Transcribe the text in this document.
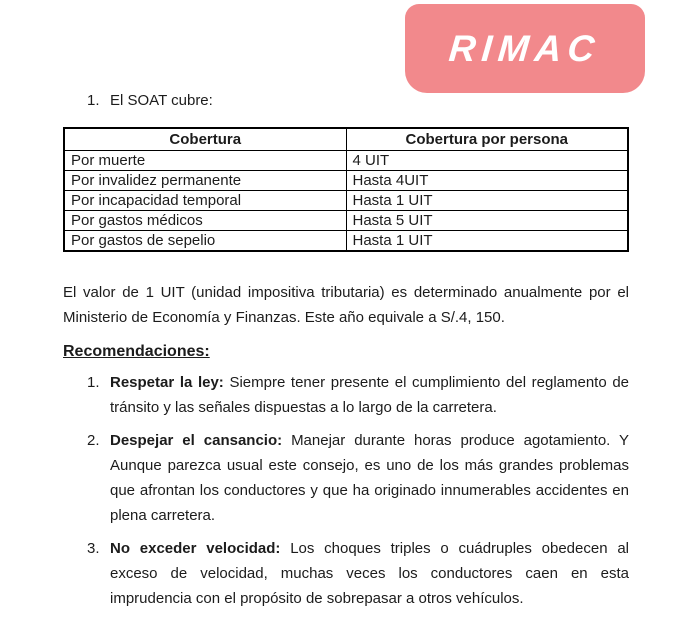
RIMAC
1. El SOAT cubre:
Cobertura	Cobertura por persona
Por muerte	4 UIT
Por invalidez permanente	Hasta 4UIT
Por incapacidad temporal	Hasta 1 UIT
Por gastos médicos	Hasta 5 UIT
Por gastos de sepelio	Hasta 1 UIT

El valor de 1 UIT (unidad impositiva tributaria) es determinado anualmente por el Ministerio de Economía y Finanzas. Este año equivale a S/.4, 150.

Recomendaciones:

1. Respetar la ley: Siempre tener presente el cumplimiento del reglamento de tránsito y las señales dispuestas a lo largo de la carretera.
2. Despejar el cansancio: Manejar durante horas produce agotamiento. Y Aunque parezca usual este consejo, es uno de los más grandes problemas que afrontan los conductores y que ha originado innumerables accidentes en plena carretera.
3. No exceder velocidad: Los choques triples o cuádruples obedecen al exceso de velocidad, muchas veces los conductores caen en esta imprudencia con el propósito de sobrepasar a otros vehículos.
